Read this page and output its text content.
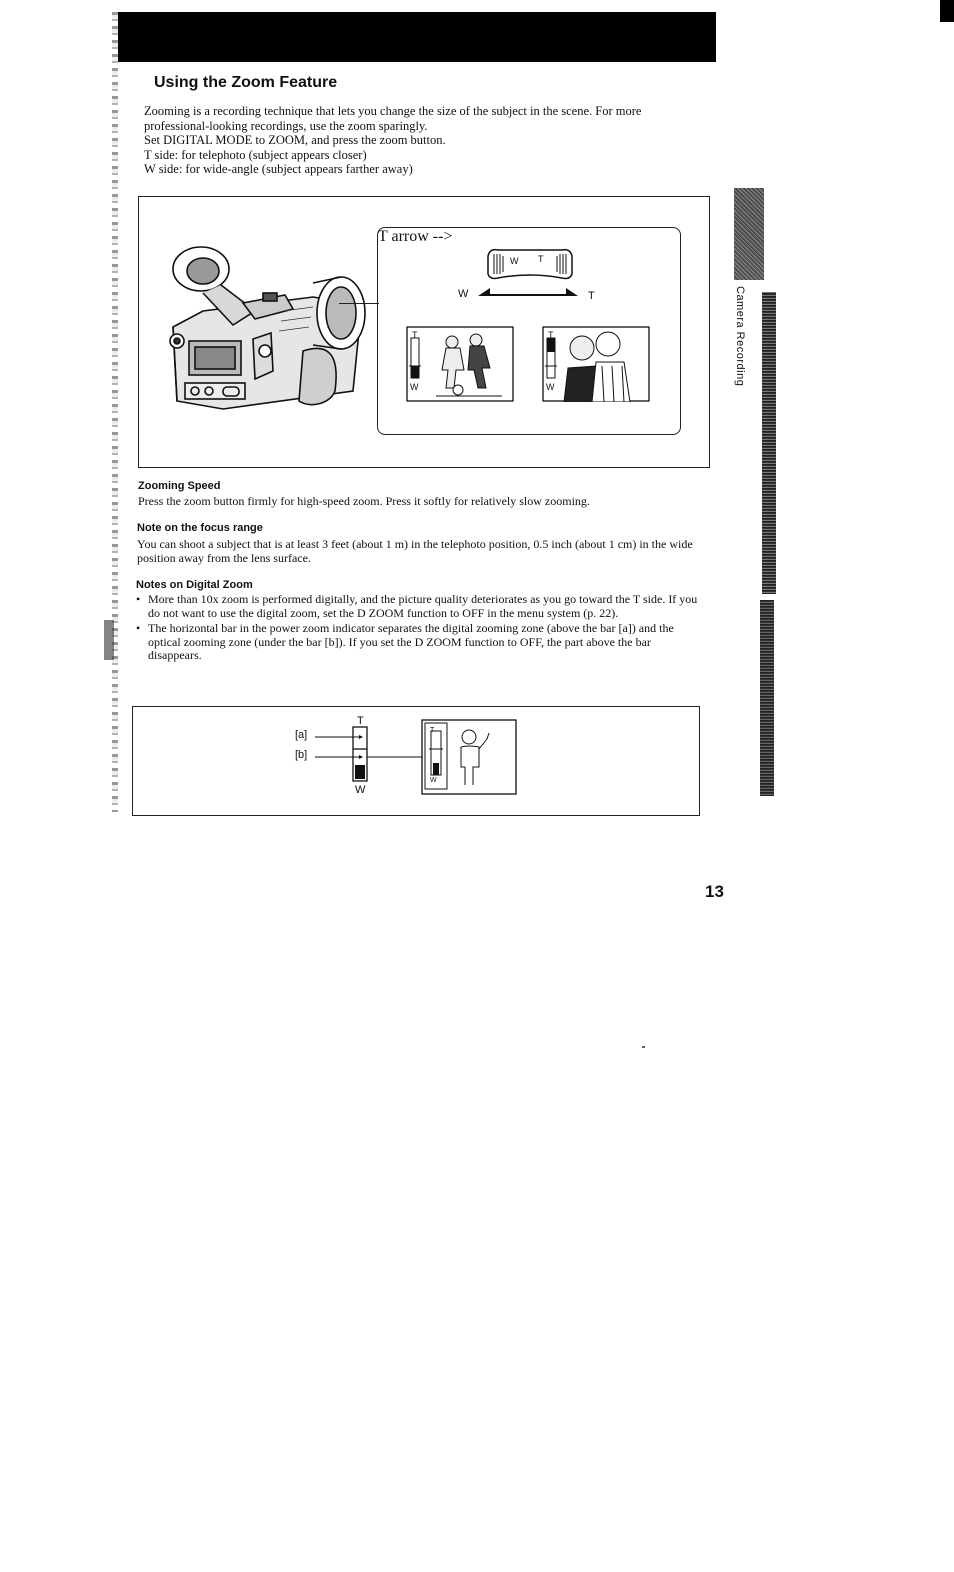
Using the Zoom Feature

Zooming is a recording technique that lets you change the size of the subject in the scene. For more professional-looking recordings, use the zoom sparingly.

Set DIGITAL MODE to ZOOM, and press the zoom button.

T side: for telephoto (subject appears closer)

W side: for wide-angle (subject appears farther away)

W T
T arrow -->
W	T
T
W
T
W
Zooming Speed
Press the zoom button firmly for high-speed zoom. Press it softly for relatively slow zooming.
Note on the focus range
You can shoot a subject that is at least 3 feet (about 1 m) in the telephoto position, 0.5 inch (about 1 cm) in the wide position away from the lens surface.
Notes on Digital Zoom
• More than 10x zoom is performed digitally, and the picture quality deteriorates as you go toward the T side. If you do not want to use the digital zoom, set the D ZOOM function to OFF in the menu system (p. 22).
• The horizontal bar in the power zoom indicator separates the digital zooming zone (above the bar [a]) and the optical zooming zone (under the bar [b]). If you set the D ZOOM function to OFF, the part above the bar disappears.
[a]
[b]
T
W
T
W
Camera Recording
13
